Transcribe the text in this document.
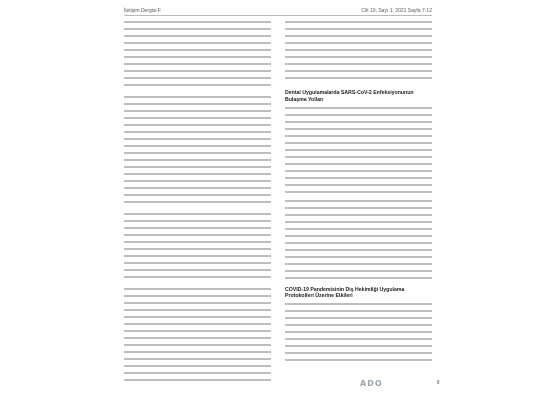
İletişim Dergisi F	Cilt 10, Sayı 1, 2021 Sayfa 7-12
Dental Uygulamalarda SARS-CoV-2 Enfeksiyonunun Bulaşma Yolları
COVID-19 Pandemisinin Diş Hekimliği Uygulama Protokolleri Üzerine Etkileri
ADO	9
